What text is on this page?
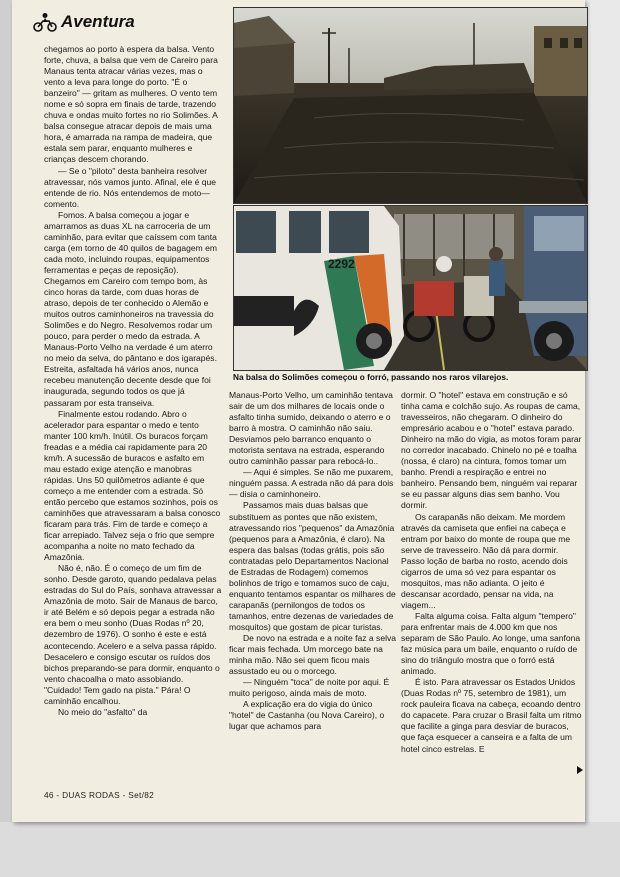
Aventura
2292
Na balsa do Solimões começou o forró, passando nos raros vilarejos.

chegamos ao porto à espera da balsa. Vento forte, chuva, a balsa que vem de Careiro para Manaus tenta atracar várias vezes, mas o vento a leva para longe do porto. "É o banzeiro" — gritam as mulheres. O vento tem nome e só sopra em finais de tarde, trazendo chuva e ondas muito fortes no rio Solimões. A balsa consegue atracar depois de mais uma hora, é amarrada na rampa de madeira, que estala sem parar, enquanto mulheres e crianças descem chorando.

— Se o "piloto" desta banheira resolver atravessar, nós vamos junto. Afinal, ele é que entende de rio. Nós entendemos de moto—comento.

Fomos. A balsa começou a jogar e amarramos as duas XL na carroceria de um caminhão, para evitar que caíssem com tanta carga (em torno de 40 quilos de bagagem em cada moto, incluindo roupas, equipamentos ferramentas e peças de reposição). Chegamos em Careiro com tempo bom, às cinco horas da tarde, com duas horas de atraso, depois de ter conhecido o Alemão e muitos outros caminhoneiros na travessia do Solimões e do Negro. Resolvemos rodar um pouco, para perder o medo da estrada. A Manaus-Porto Velho na verdade é um aterro no meio da selva, do pântano e dos igarapés. Estreita, asfaltada há vários anos, nunca recebeu manutenção decente desde que foi inaugurada, segundo todos os que já passaram por esta transeiva.

Finalmente estou rodando. Abro o acelerador para espantar o medo e tento manter 100 km/h. Inútil. Os buracos forçam freadas e a média cai rapidamente para 20 km/h. A sucessão de buracos e asfalto em mau estado exige atenção e manobras rápidas. Uns 50 quilômetros adiante é que começo a me entender com a estrada. Só então percebo que estamos sozinhos, pois os caminhões que atravessaram a balsa conosco ficaram para trás. Fim de tarde e começo a ficar arrepiado. Talvez seja o frio que sempre acompanha a noite no mato fechado da Amazônia.

Não é, não. É o começo de um fim de sonho. Desde garoto, quando pedalava pelas estradas do Sul do País, sonhava atravessar a Amazônia de moto. Sair de Manaus de barco, ir até Belém e só depois pegar a estrada não era bem o meu sonho (Duas Rodas nº 20, dezembro de 1976). O sonho é este e está acontecendo. Acelero e a selva passa rápido. Desacelero e consigo escutar os ruídos dos bichos preparando-se para dormir, enquanto o vento chacoalha o mato assobiando. "Cuidado! Tem gado na pista." Pára! O caminhão encalhou.

No meio do "asfalto" da

Manaus-Porto Velho, um caminhão tentava sair de um dos milhares de locais onde o asfalto tinha sumido, deixando o aterro e o barro à mostra. O caminhão não saiu. Desviamos pelo barranco enquanto o motorista sentava na estrada, esperando outro caminhão passar para rebocá-lo..

— Aqui é simples. Se não me puxarem, ninguém passa. A estrada não dá para dois — disia o caminhoneiro.

Passamos mais duas balsas que substituem as pontes que não existem, atravessando rios "pequenos" da Amazônia (pequenos para a Amazônia, é claro). Na espera das balsas (todas grátis, pois são contratadas pelo Departamentos Nacional de Estradas de Rodagem) comemos bolinhos de trigo e tomamos suco de caju, enquanto tentamos espantar os milhares de carapanãs (pernilongos de todos os tamanhos, entre dezenas de variedades de mosquitos) que gostam de picar turistas.

De novo na estrada e a noite faz a selva ficar mais fechada. Um morcego bate na minha mão. Não sei quem ficou mais assustado eu ou o morcego.

— Ninguém "toca" de noite por aqui. É muito perigoso, ainda mais de moto.

A explicação era do vigia do único "hotel" de Castanha (ou Nova Careiro), o lugar que achamos para

dormir. O "hotel" estava em construção e só tinha cama e colchão sujo. As roupas de cama, travesseiros, não chegaram. O dinheiro do empresário acabou e o "hotel" estava parado. Dinheiro na mão do vigia, as motos foram parar no corredor inacabado. Chinelo no pé e toalha (nossa, é claro) na cintura, fomos tomar um banho. Prendi a respiração e entrei no banheiro. Pensando bem, ninguém vai reparar se eu passar alguns dias sem banho. Vou dormir.

Os carapanãs não deixam. Me mordem através da camiseta que enfiei na cabeça e entram por baixo do monte de roupa que me serve de travesseiro. Não dá para dormir. Passo loção de barba no rosto, acendo dois cigarros de uma só vez para espantar os mosquitos, mas não adianta. O jeito é descansar acordado, pensar na vida, na viagem...

Falta alguma coisa. Falta algum "tempero" para enfrentar mais de 4.000 km que nos separam de São Paulo. Ao longe, uma sanfona faz música para um baile, enquanto o ruído de sino do triângulo mostra que o forró está animado.

É isto. Para atravessar os Estados Unidos (Duas Rodas nº 75, setembro de 1981), um rock pauleira ficava na cabeça, ecoando dentro do capacete. Para cruzar o Brasil falta um ritmo que facilite a ginga para desviar de buracos, que faça esquecer a canseira e a falta de um hotel cinco estrelas. E

46 - DUAS RODAS - Set/82
